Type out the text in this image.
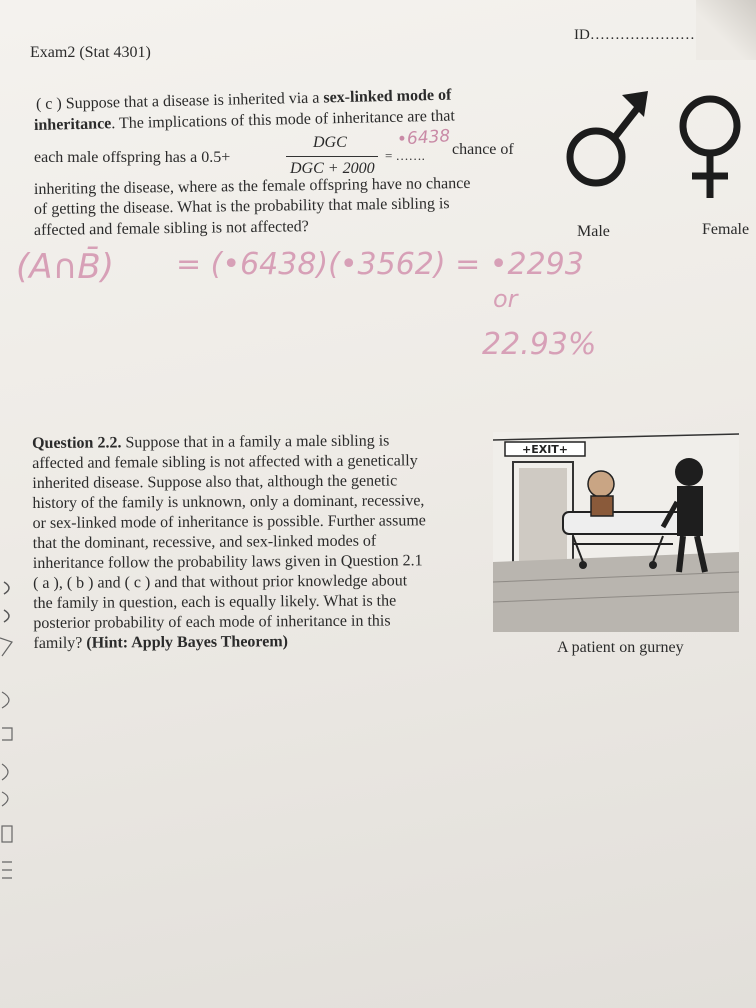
ID…………………
Exam2 (Stat 4301)
( c ) Suppose that a disease is inherited via a sex-linked mode of
inheritance. The implications of this mode of inheritance are that
each male offspring has a 0.5+
DGC
DGC + 2000
= ……. chance of
inheriting the disease, where as the female offspring have no chance
of getting the disease. What is the probability that male sibling is
affected and female sibling is not affected?
•6438
(A∩B̄) = (•6438)(•3562) = •2293
or
22.93%
Male	Female
Question 2.2. Suppose that in a family a male sibling is
affected and female sibling is not affected with a genetically
inherited disease. Suppose also that, although the genetic
history of the family is unknown, only a dominant, recessive,
or sex-linked mode of inheritance is possible. Further assume
that the dominant, recessive, and sex-linked modes of
inheritance follow the probability laws given in Question 2.1
( a ), ( b ) and ( c ) and that without prior knowledge about
the family in question, each is equally likely. What is the
posterior probability of each mode of inheritance in this
family? (Hint: Apply Bayes Theorem)
+EXIT+
A patient on gurney
